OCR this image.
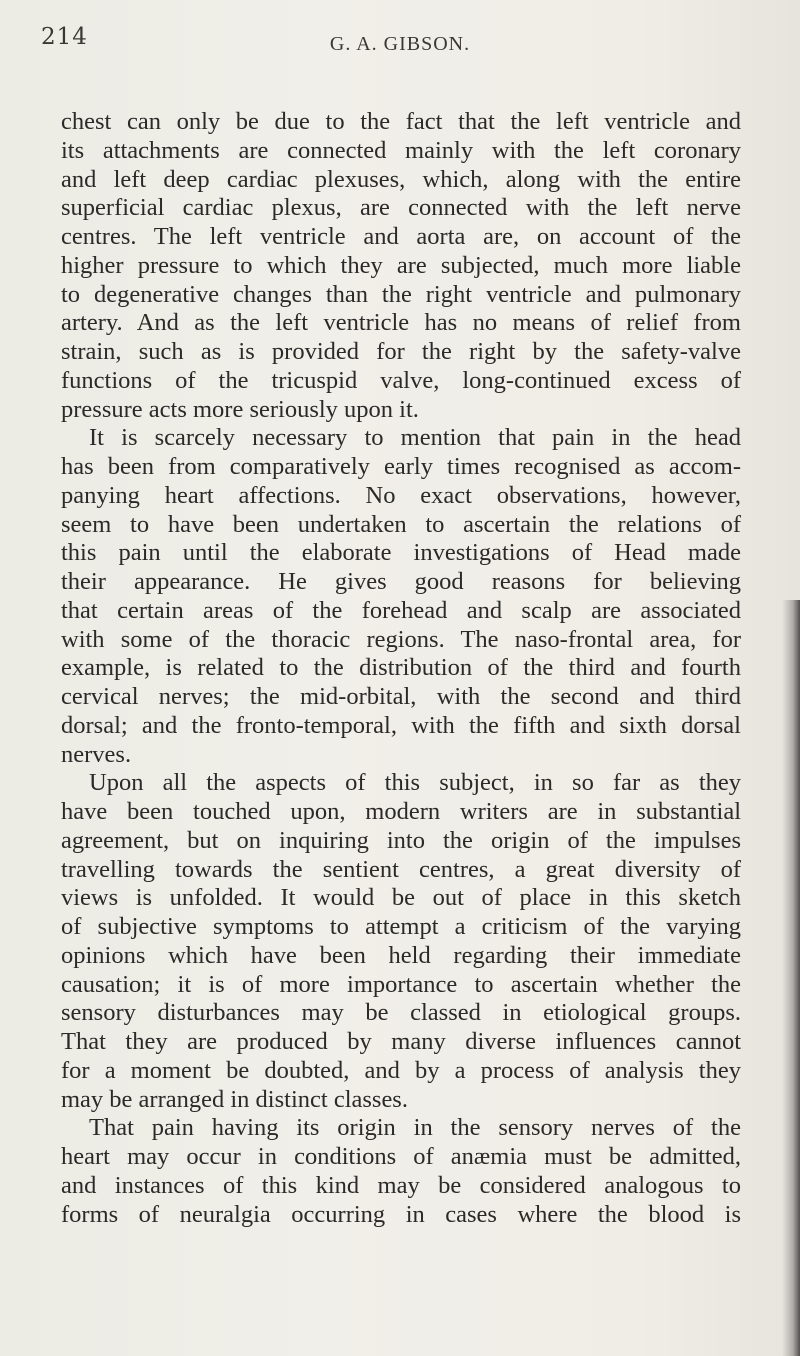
214	G. A. GIBSON.
chest can only be due to the fact that the left ventricle and
its attachments are connected mainly with the left coronary
and left deep cardiac plexuses, which, along with the entire
superficial cardiac plexus, are connected with the left nerve
centres. The left ventricle and aorta are, on account of the
higher pressure to which they are subjected, much more liable
to degenerative changes than the right ventricle and pulmonary
artery. And as the left ventricle has no means of relief from
strain, such as is provided for the right by the safety-valve
functions of the tricuspid valve, long-continued excess of
pressure acts more seriously upon it.
It is scarcely necessary to mention that pain in the head
has been from comparatively early times recognised as accom-
panying heart affections. No exact observations, however,
seem to have been undertaken to ascertain the relations of
this pain until the elaborate investigations of Head made
their appearance. He gives good reasons for believing
that certain areas of the forehead and scalp are associated
with some of the thoracic regions. The naso-frontal area, for
example, is related to the distribution of the third and fourth
cervical nerves; the mid-orbital, with the second and third
dorsal; and the fronto-temporal, with the fifth and sixth dorsal
nerves.
Upon all the aspects of this subject, in so far as they
have been touched upon, modern writers are in substantial
agreement, but on inquiring into the origin of the impulses
travelling towards the sentient centres, a great diversity of
views is unfolded. It would be out of place in this sketch
of subjective symptoms to attempt a criticism of the varying
opinions which have been held regarding their immediate
causation; it is of more importance to ascertain whether the
sensory disturbances may be classed in etiological groups.
That they are produced by many diverse influences cannot
for a moment be doubted, and by a process of analysis they
may be arranged in distinct classes.
That pain having its origin in the sensory nerves of the
heart may occur in conditions of anæmia must be admitted,
and instances of this kind may be considered analogous to
forms of neuralgia occurring in cases where the blood is
